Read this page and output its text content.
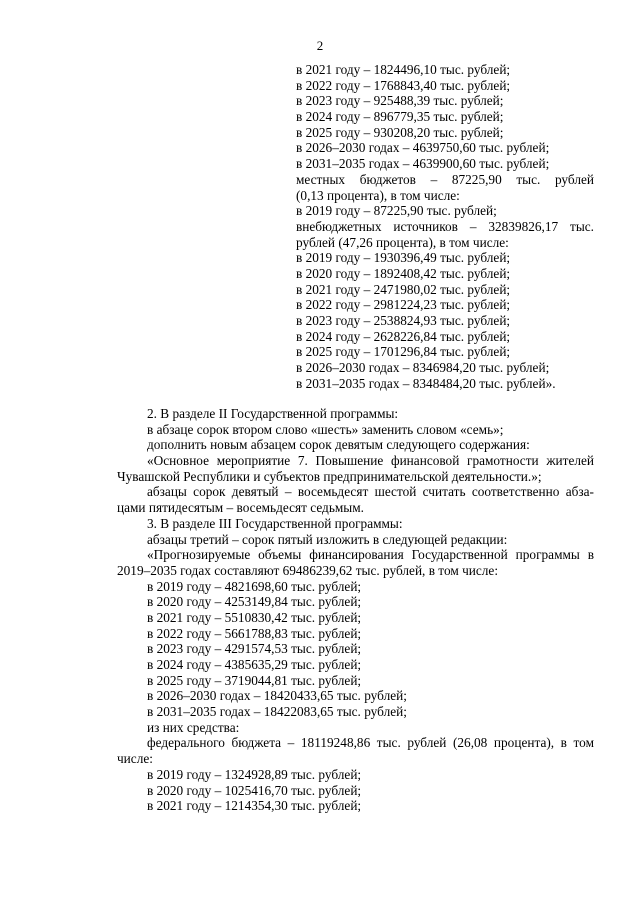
2
в 2021 году – 1824496,10 тыс. рублей;
в 2022 году – 1768843,40 тыс. рублей;
в 2023 году – 925488,39 тыс. рублей;
в 2024 году – 896779,35 тыс. рублей;
в 2025 году – 930208,20 тыс. рублей;
в 2026–2030 годах – 4639750,60 тыс. рублей;
в 2031–2035 годах – 4639900,60 тыс. рублей;
местных бюджетов – 87225,90 тыс. рублей
(0,13 процента), в том числе:
в 2019 году – 87225,90 тыс. рублей;
внебюджетных источников – 32839826,17 тыс.
рублей (47,26 процента), в том числе:
в 2019 году – 1930396,49 тыс. рублей;
в 2020 году – 1892408,42 тыс. рублей;
в 2021 году – 2471980,02 тыс. рублей;
в 2022 году – 2981224,23 тыс. рублей;
в 2023 году – 2538824,93 тыс. рублей;
в 2024 году – 2628226,84 тыс. рублей;
в 2025 году – 1701296,84 тыс. рублей;
в 2026–2030 годах – 8346984,20 тыс. рублей;
в 2031–2035 годах – 8348484,20 тыс. рублей».
2. В разделе II Государственной программы:
в абзаце сорок втором слово «шесть» заменить словом «семь»;
дополнить новым абзацем сорок девятым следующего содержания:
«Основное мероприятие 7. Повышение финансовой грамотности жителей
Чувашской Республики и субъектов предпринимательской деятельности.»;
абзацы сорок девятый – восемьдесят шестой считать соответственно абза-
цами пятидесятым – восемьдесят седьмым.
3. В разделе III Государственной программы:
абзацы третий – сорок пятый изложить в следующей редакции:
«Прогнозируемые объемы финансирования Государственной программы в
2019–2035 годах составляют 69486239,62 тыс. рублей, в том числе:
в 2019 году – 4821698,60 тыс. рублей;
в 2020 году – 4253149,84 тыс. рублей;
в 2021 году – 5510830,42 тыс. рублей;
в 2022 году – 5661788,83 тыс. рублей;
в 2023 году – 4291574,53 тыс. рублей;
в 2024 году – 4385635,29 тыс. рублей;
в 2025 году – 3719044,81 тыс. рублей;
в 2026–2030 годах – 18420433,65 тыс. рублей;
в 2031–2035 годах – 18422083,65 тыс. рублей;
из них средства:
федерального бюджета – 18119248,86 тыс. рублей (26,08 процента), в том
числе:
в 2019 году – 1324928,89 тыс. рублей;
в 2020 году – 1025416,70 тыс. рублей;
в 2021 году – 1214354,30 тыс. рублей;
